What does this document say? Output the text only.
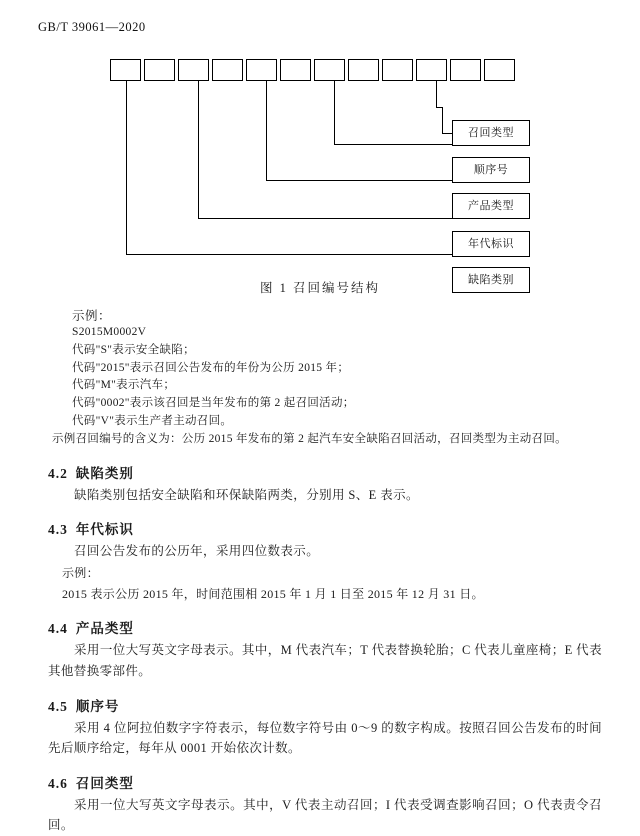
GB/T 39061—2020
召回类型
顺序号
产品类型
年代标识
缺陷类别
图 1 召回编号结构
示例：
S2015M0002V
代码"S"表示安全缺陷；
代码"2015"表示召回公告发布的年份为公历 2015 年；
代码"M"表示汽车；
代码"0002"表示该召回是当年发布的第 2 起召回活动；
代码"V"表示生产者主动召回。
示例召回编号的含义为：公历 2015 年发布的第 2 起汽车安全缺陷召回活动，召回类型为主动召回。
4.2 缺陷类别

缺陷类别包括安全缺陷和环保缺陷两类，分别用 S、E 表示。

4.3 年代标识

召回公告发布的公历年，采用四位数表示。

示例：

2015 表示公历 2015 年，时间范围相 2015 年 1 月 1 日至 2015 年 12 月 31 日。

4.4 产品类型

采用一位大写英文字母表示。其中，M 代表汽车；T 代表替换轮胎；C 代表儿童座椅；E 代表其他替换零部件。

4.5 顺序号

采用 4 位阿拉伯数字字符表示，每位数字符号由 0～9 的数字构成。按照召回公告发布的时间先后顺序给定，每年从 0001 开始依次计数。

4.6 召回类型

采用一位大写英文字母表示。其中，V 代表主动召回；I 代表受调查影响召回；O 代表责令召回。
